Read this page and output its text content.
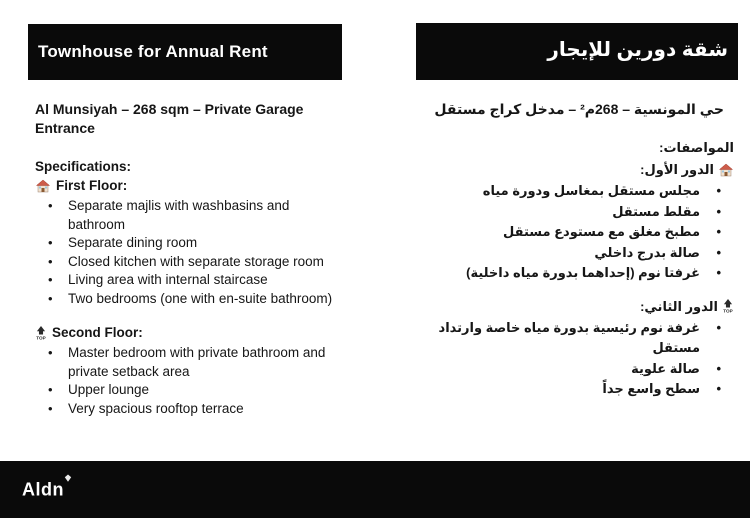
Townhouse for Annual Rent

Al Munsiyah – 268 sqm – Private Garage Entrance

Specifications:

First Floor:
• Separate majlis with washbasins and bathroom
• Separate dining room
• Closed kitchen with separate storage room
• Living area with internal staircase
• Two bedrooms (one with en-suite bathroom)
TOP Second Floor:
• Master bedroom with private bathroom and private setback area
• Upper lounge
• Very spacious rooftop terrace
شقة دورين للإيجار

حي المونسية – 268م² – مدخل كراج مستقل

المواصفات:

الدور الأول:
• مجلس مستقل بمغاسل ودورة مياه
• مقلط مستقل
• مطبخ مغلق مع مستودع مستقل
• صالة بدرج داخلي
• غرفتا نوم (إحداهما بدورة مياه داخلية)
TOP
الدور الثاني:
• غرفة نوم رئيسية بدورة مياه خاصة وارتداد مستقل
• صالة علوية
• سطح واسع جداً
Aldn
